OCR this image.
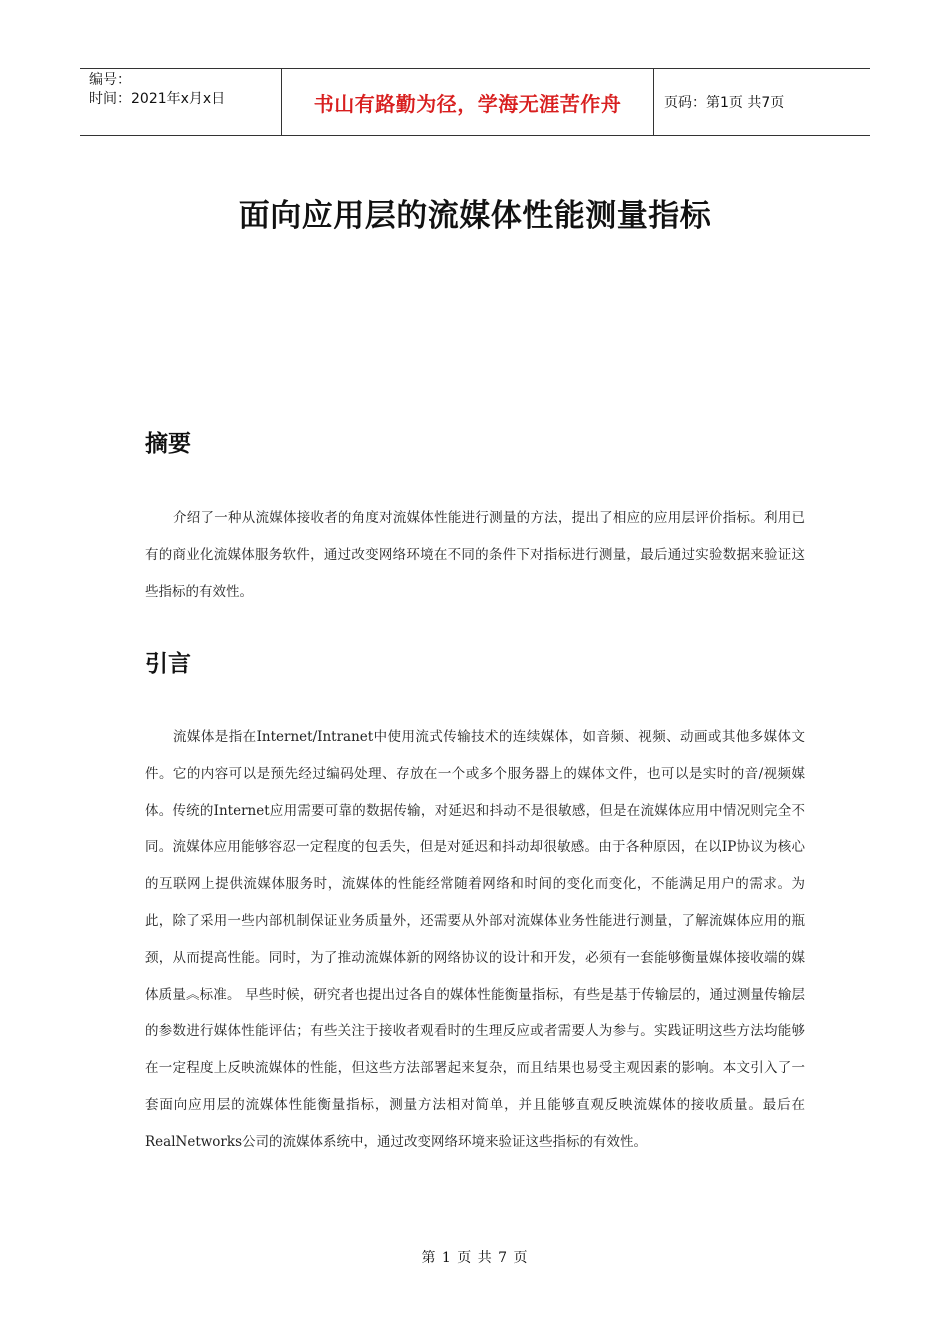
编号：
时间：2021年x月x日	书山有路勤为径，学海无涯苦作舟	页码：第1页 共7页
面向应用层的流媒体性能测量指标
摘要

介绍了一种从流媒体接收者的角度对流媒体性能进行测量的方法，提出了相应的应用层评价指标。利用已有的商业化流媒体服务软件，通过改变网络环境在不同的条件下对指标进行测量，最后通过实验数据来验证这些指标的有效性。

引言

流媒体是指在Internet/Intranet中使用流式传输技术的连续媒体，如音频、视频、动画或其他多媒体文件。它的内容可以是预先经过编码处理、存放在一个或多个服务器上的媒体文件，也可以是实时的音/视频媒体。传统的Internet应用需要可靠的数据传输，对延迟和抖动不是很敏感，但是在流媒体应用中情况则完全不同。流媒体应用能够容忍一定程度的包丢失，但是对延迟和抖动却很敏感。由于各种原因，在以IP协议为核心的互联网上提供流媒体服务时，流媒体的性能经常随着网络和时间的变化而变化，不能满足用户的需求。为此，除了采用一些内部机制保证业务质量外，还需要从外部对流媒体业务性能进行测量，了解流媒体应用的瓶颈，从而提高性能。同时，为了推动流媒体新的网络协议的设计和开发，必须有一套能够衡量媒体接收端的媒体质量︽标准。 早些时候，研究者也提出过各自的媒体性能衡量指标，有些是基于传输层的，通过测量传输层的参数进行媒体性能评估；有些关注于接收者观看时的生理反应或者需要人为参与。实践证明这些方法均能够在一定程度上反映流媒体的性能，但这些方法部署起来复杂，而且结果也易受主观因素的影响。本文引入了一套面向应用层的流媒体性能衡量指标，测量方法相对简单，并且能够直观反映流媒体的接收质量。最后在RealNetworks公司的流媒体系统中，通过改变网络环境来验证这些指标的有效性。

第 1 页 共 7 页
